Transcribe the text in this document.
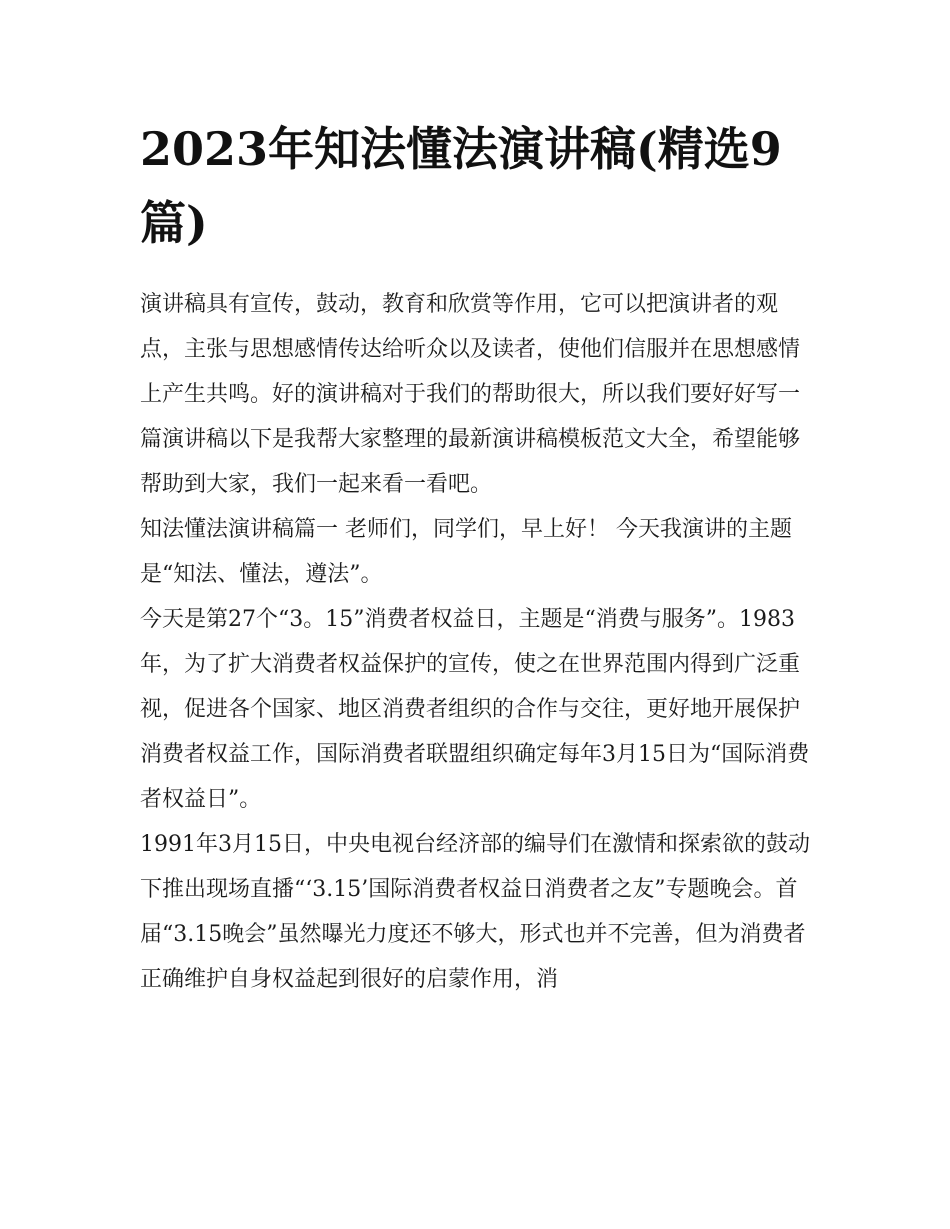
2023年知法懂法演讲稿(精选9篇)

演讲稿具有宣传，鼓动，教育和欣赏等作用，它可以把演讲者的观点，主张与思想感情传达给听众以及读者，使他们信服并在思想感情上产生共鸣。好的演讲稿对于我们的帮助很大，所以我们要好好写一篇演讲稿以下是我帮大家整理的最新演讲稿模板范文大全，希望能够帮助到大家，我们一起来看一看吧。

知法懂法演讲稿篇一 老师们，同学们，早上好！ 今天我演讲的主题是“知法、懂法，遵法”。

今天是第27个“3。15”消费者权益日，主题是“消费与服务”。1983年，为了扩大消费者权益保护的宣传，使之在世界范围内得到广泛重视，促进各个国家、地区消费者组织的合作与交往，更好地开展保护消费者权益工作，国际消费者联盟组织确定每年3月15日为“国际消费者权益日”。

1991年3月15日，中央电视台经济部的编导们在激情和探索欲的鼓动下推出现场直播“‘3.15’国际消费者权益日消费者之友”专题晚会。首届“3.15晚会”虽然曝光力度还不够大，形式也并不完善，但为消费者正确维护自身权益起到很好的启蒙作用，消
